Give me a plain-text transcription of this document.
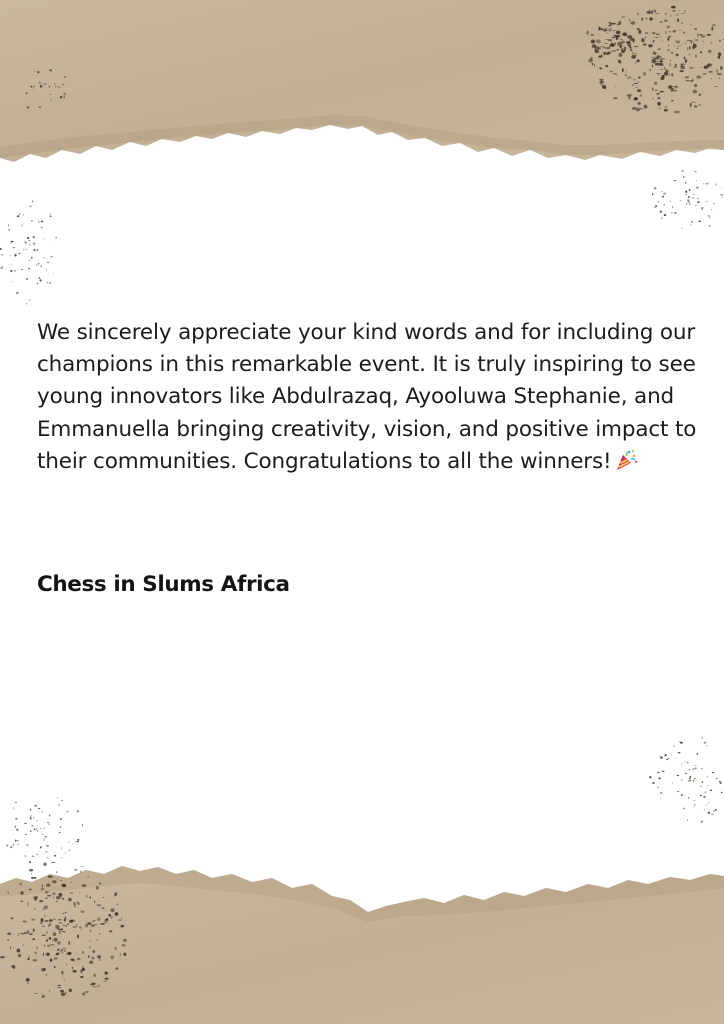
We sincerely appreciate your kind words and for including our champions in this remarkable event. It is truly inspiring to see young innovators like Abdulrazaq, Ayooluwa Stephanie, and Emmanuella bringing creativity, vision, and positive impact to their communities. Congratulations to all the winners!

Chess in Slums Africa
